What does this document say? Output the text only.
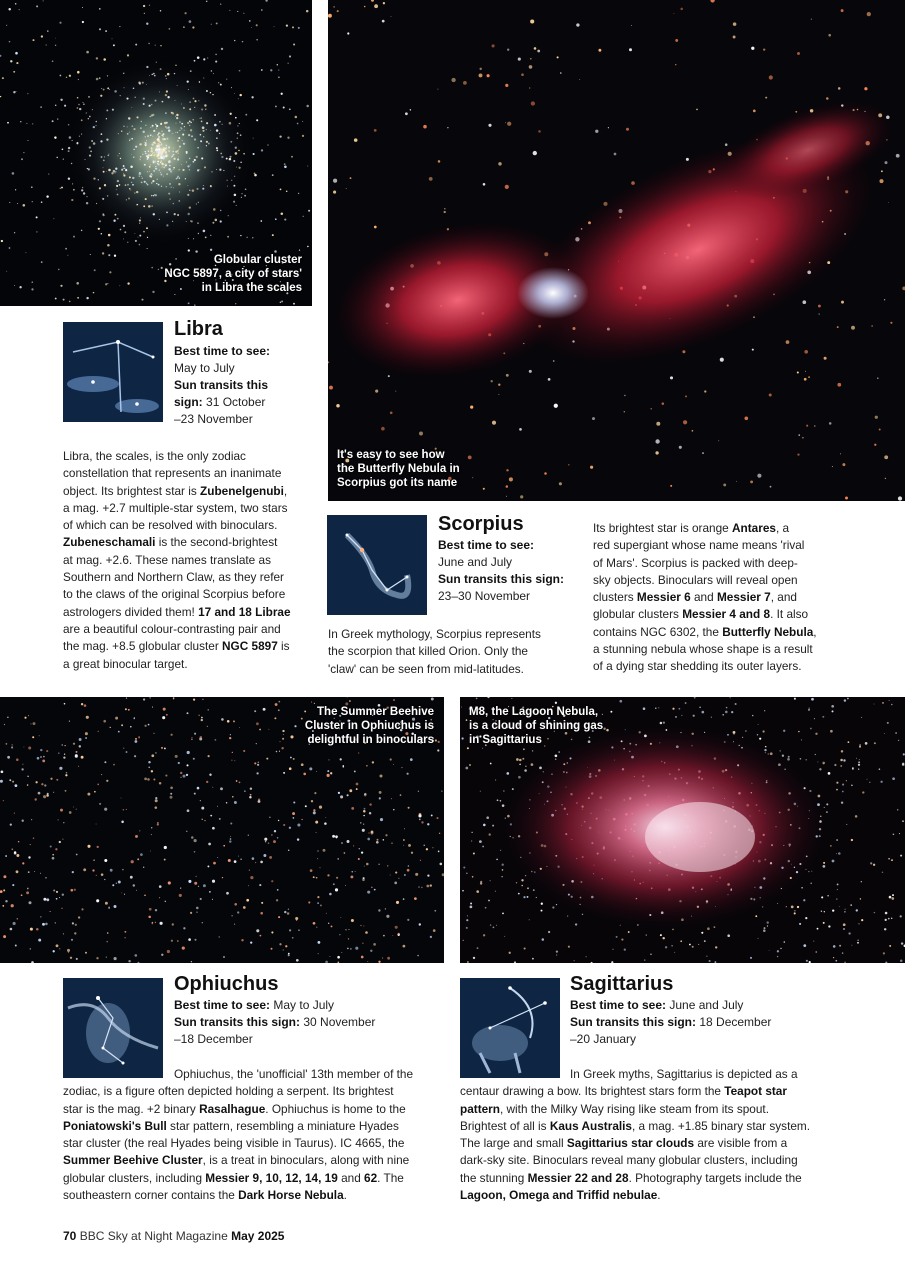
Globular cluster
NGC 5897, a city of stars'
in Libra the scales
It's easy to see how
the Butterfly Nebula in
Scorpius got its name
The Summer Beehive
Cluster in Ophiuchus is
delightful in binoculars
M8, the Lagoon Nebula,
is a cloud of shining gas
in Sagittarius
Libra
Best time to see:
May to July
Sun transits this
sign: 31 October
–23 November
Libra, the scales, is the only zodiac
constellation that represents an inanimate
object. Its brightest star is Zubenelgenubi,
a mag. +2.7 multiple-star system, two stars
of which can be resolved with binoculars.
Zubeneschamali is the second-brightest
at mag. +2.6. These names translate as
Southern and Northern Claw, as they refer
to the claws of the original Scorpius before
astrologers divided them! 17 and 18 Librae
are a beautiful colour-contrasting pair and
the mag. +8.5 globular cluster NGC 5897 is
a great binocular target.
Scorpius
Best time to see:
June and July
Sun transits this sign:
23–30 November
In Greek mythology, Scorpius represents
the scorpion that killed Orion. Only the
'claw' can be seen from mid-latitudes.
Its brightest star is orange Antares, a
red supergiant whose name means 'rival
of Mars'. Scorpius is packed with deep-
sky objects. Binoculars will reveal open
clusters Messier 6 and Messier 7, and
globular clusters Messier 4 and 8. It also
contains NGC 6302, the Butterfly Nebula,
a stunning nebula whose shape is a result
of a dying star shedding its outer layers.
Ophiuchus
Best time to see: May to July
Sun transits this sign: 30 November
–18 December
Ophiuchus, the 'unofficial' 13th member of the
zodiac, is a figure often depicted holding a serpent. Its brightest
star is the mag. +2 binary Rasalhague. Ophiuchus is home to the
Poniatowski's Bull star pattern, resembling a miniature Hyades
star cluster (the real Hyades being visible in Taurus). IC 4665, the
Summer Beehive Cluster, is a treat in binoculars, along with nine
globular clusters, including Messier 9, 10, 12, 14, 19 and 62. The
southeastern corner contains the Dark Horse Nebula.
Sagittarius
Best time to see: June and July
Sun transits this sign: 18 December
–20 January
In Greek myths, Sagittarius is depicted as a
centaur drawing a bow. Its brightest stars form the Teapot star
pattern, with the Milky Way rising like steam from its spout.
Brightest of all is Kaus Australis, a mag. +1.85 binary star system.
The large and small Sagittarius star clouds are visible from a
dark-sky site. Binoculars reveal many globular clusters, including
the stunning Messier 22 and 28. Photography targets include the
Lagoon, Omega and Triffid nebulae.
70 BBC Sky at Night Magazine May 2025
